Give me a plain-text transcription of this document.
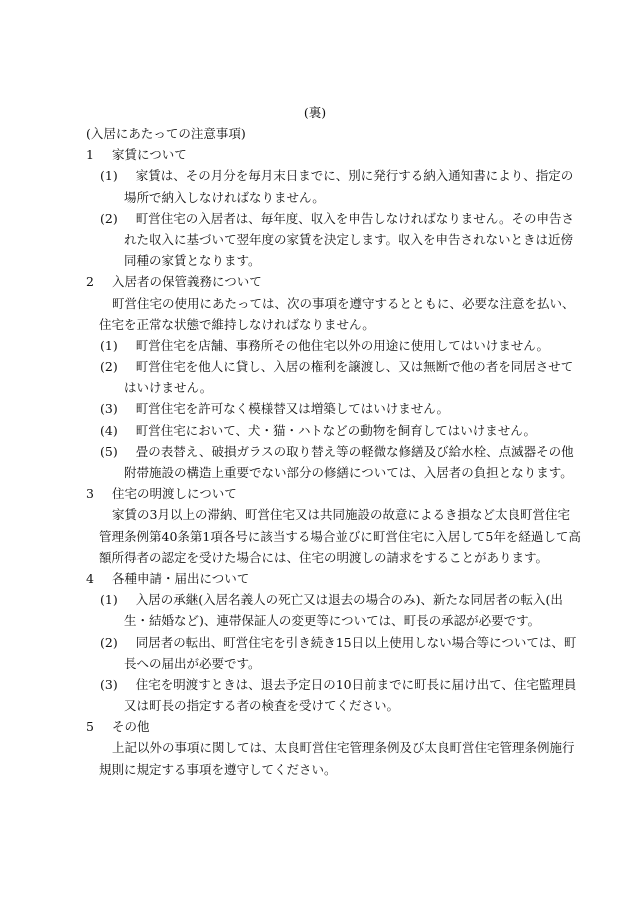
(裏)
(入居にあたっての注意事項)
1 家賃について
(1) 家賃は、その月分を毎月末日までに、別に発行する納入通知書により、指定の
場所で納入しなければなりません。
(2) 町営住宅の入居者は、毎年度、収入を申告しなければなりません。その申告さ
れた収入に基づいて翌年度の家賃を決定します。収入を申告されないときは近傍
同種の家賃となります。
2 入居者の保管義務について
町営住宅の使用にあたっては、次の事項を遵守するとともに、必要な注意を払い、
住宅を正常な状態で維持しなければなりません。
(1) 町営住宅を店舗、事務所その他住宅以外の用途に使用してはいけません。
(2) 町営住宅を他人に貸し、入居の権利を譲渡し、又は無断で他の者を同居させて
はいけません。
(3) 町営住宅を許可なく模様替又は増築してはいけません。
(4) 町営住宅において、犬・猫・ハトなどの動物を飼育してはいけません。
(5) 畳の表替え、破損ガラスの取り替え等の軽微な修繕及び給水栓、点滅器その他
附帯施設の構造上重要でない部分の修繕については、入居者の負担となります。
3 住宅の明渡しについて
家賃の3月以上の滞納、町営住宅又は共同施設の故意によるき損など太良町営住宅
管理条例第40条第1項各号に該当する場合並びに町営住宅に入居して5年を経過して高
額所得者の認定を受けた場合には、住宅の明渡しの請求をすることがあります。
4 各種申請・届出について
(1) 入居の承継(入居名義人の死亡又は退去の場合のみ)、新たな同居者の転入(出
生・結婚など)、連帯保証人の変更等については、町長の承認が必要です。
(2) 同居者の転出、町営住宅を引き続き15日以上使用しない場合等については、町
長への届出が必要です。
(3) 住宅を明渡すときは、退去予定日の10日前までに町長に届け出て、住宅監理員
又は町長の指定する者の検査を受けてください。
5 その他
上記以外の事項に関しては、太良町営住宅管理条例及び太良町営住宅管理条例施行
規則に規定する事項を遵守してください。
